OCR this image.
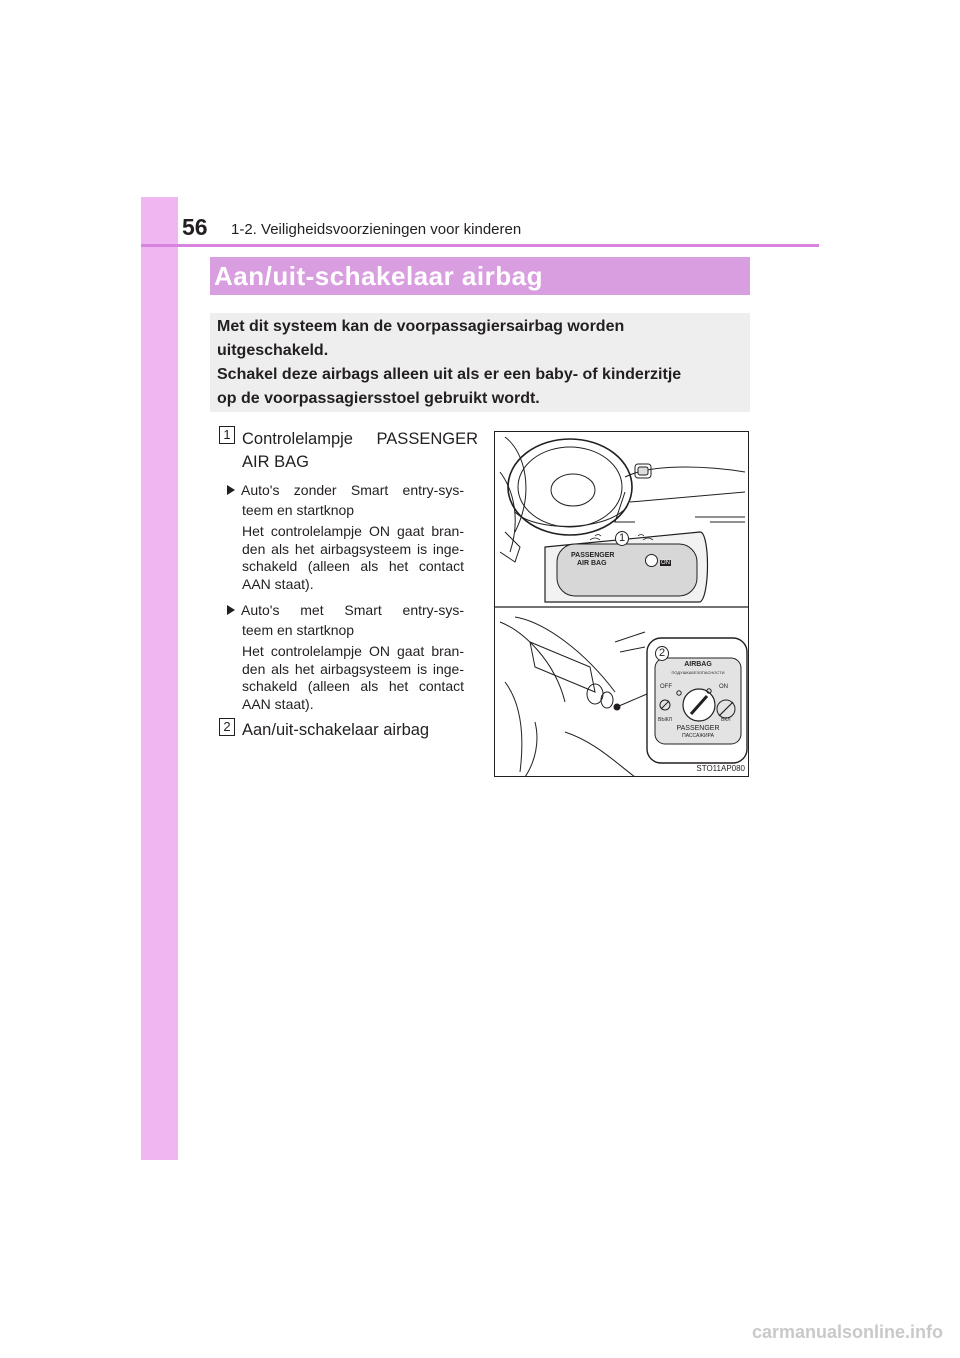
56 1-2. Veiligheidsvoorzieningen voor kinderen
Aan/uit-schakelaar airbag
Met dit systeem kan de voorpassagiersairbag worden
uitgeschakeld.
Schakel deze airbags alleen uit als er een baby- of kinderzitje
op de voorpassagiersstoel gebruikt wordt.
1 Controlelampje PASSENGER
AIR BAG
Auto's zonder Smart entry-sys-
teem en startknop
Het controlelampje ON gaat bran-
den als het airbagsysteem is inge-
schakeld (alleen als het contact
AAN staat).
Auto's met Smart entry-sys-
teem en startknop
Het controlelampje ON gaat bran-
den als het airbagsysteem is inge-
schakeld (alleen als het contact
AAN staat).
2 Aan/uit-schakelaar airbag
1
2
PASSENGER
AIR BAG	ON
AIRBAG
ПОДУШКАБЕЗОПАСНОСТИ
OFF	ON
ВЫКЛ	ВКЛ
PASSENGER
ПАССАЖИРА
STO11AP080
carmanualsonline.info
